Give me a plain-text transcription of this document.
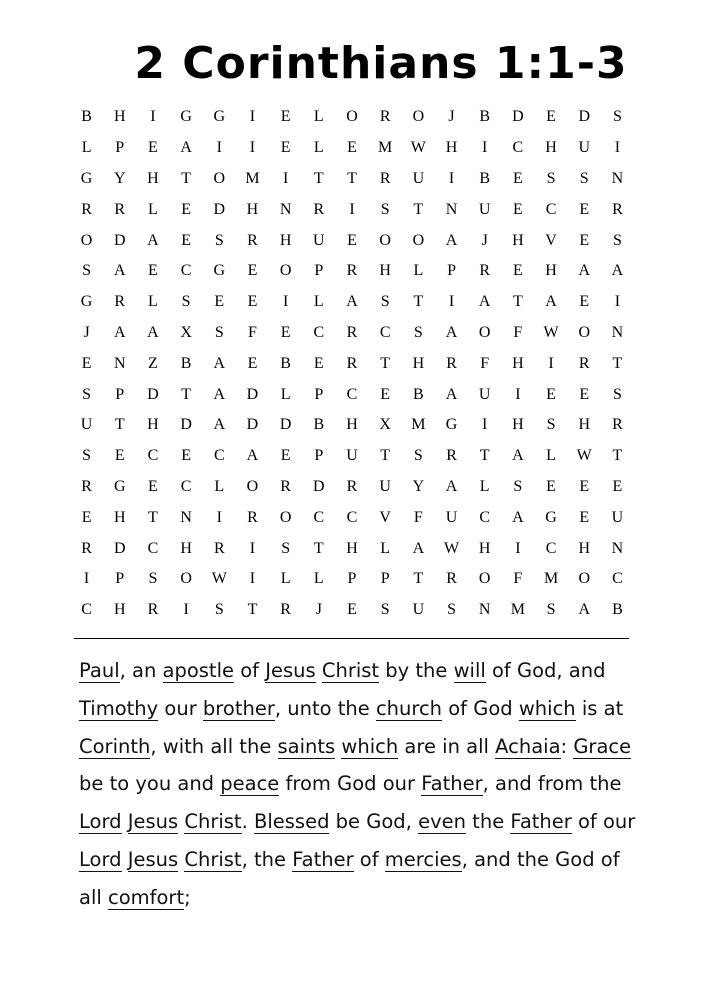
2 Corinthians 1:1-3
B	H	I	G	G	I	E	L	O	R	O	J	B	D	E	D	S
L	P	E	A	I	I	E	L	E	M	W	H	I	C	H	U	I
G	Y	H	T	O	M	I	T	T	R	U	I	B	E	S	S	N
R	R	L	E	D	H	N	R	I	S	T	N	U	E	C	E	R
O	D	A	E	S	R	H	U	E	O	O	A	J	H	V	E	S
S	A	E	C	G	E	O	P	R	H	L	P	R	E	H	A	A
G	R	L	S	E	E	I	L	A	S	T	I	A	T	A	E	I
J	A	A	X	S	F	E	C	R	C	S	A	O	F	W	O	N
E	N	Z	B	A	E	B	E	R	T	H	R	F	H	I	R	T
S	P	D	T	A	D	L	P	C	E	B	A	U	I	E	E	S
U	T	H	D	A	D	D	B	H	X	M	G	I	H	S	H	R
S	E	C	E	C	A	E	P	U	T	S	R	T	A	L	W	T
R	G	E	C	L	O	R	D	R	U	Y	A	L	S	E	E	E
E	H	T	N	I	R	O	C	C	V	F	U	C	A	G	E	U
R	D	C	H	R	I	S	T	H	L	A	W	H	I	C	H	N
I	P	S	O	W	I	L	L	P	P	T	R	O	F	M	O	C
C	H	R	I	S	T	R	J	E	S	U	S	N	M	S	A	B
Paul, an apostle of Jesus Christ by the will of God, and Timothy our brother, unto the church of God which is at Corinth, with all the saints which are in all Achaia: Grace be to you and peace from God our Father, and from the Lord Jesus Christ. Blessed be God, even the Father of our Lord Jesus Christ, the Father of mercies, and the God of all comfort;
